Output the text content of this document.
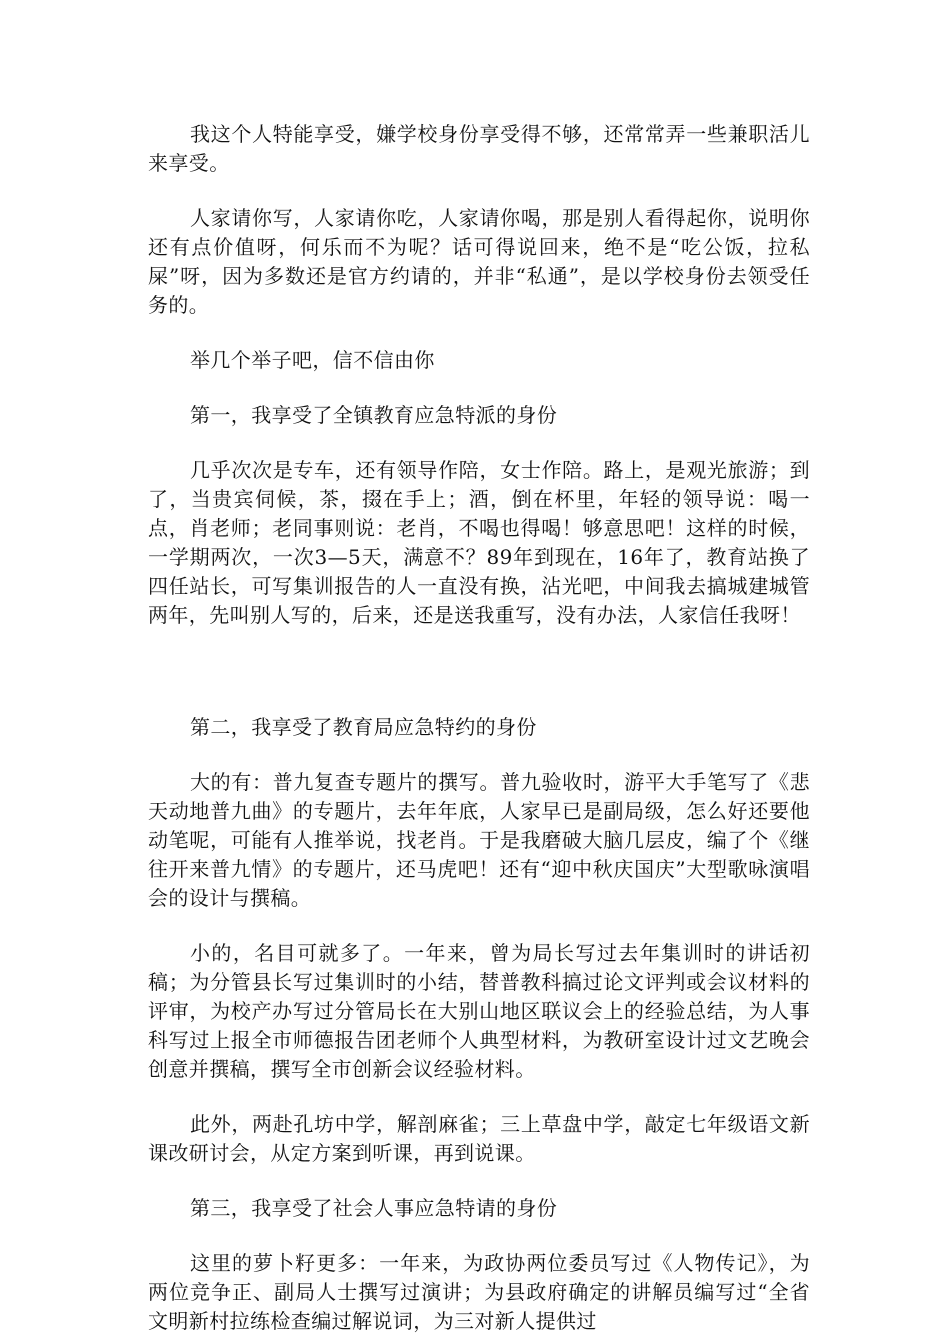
我这个人特能享受，嫌学校身份享受得不够，还常常弄一些兼职活儿来享受。

人家请你写，人家请你吃，人家请你喝，那是别人看得起你，说明你还有点价值呀，何乐而不为呢？话可得说回来，绝不是“吃公饭，拉私屎”呀，因为多数还是官方约请的，并非“私通”，是以学校身份去领受任务的。

举几个举子吧，信不信由你

第一，我享受了全镇教育应急特派的身份

几乎次次是专车，还有领导作陪，女士作陪。路上，是观光旅游；到了，当贵宾伺候，茶，掇在手上；酒，倒在杯里，年轻的领导说：喝一点，肖老师；老同事则说：老肖，不喝也得喝！够意思吧！这样的时候，一学期两次，一次3—5天，满意不？89年到现在，16年了，教育站换了四任站长，可写集训报告的人一直没有换，沾光吧，中间我去搞城建城管两年，先叫别人写的，后来，还是送我重写，没有办法，人家信任我呀！

第二，我享受了教育局应急特约的身份

大的有：普九复查专题片的撰写。普九验收时，游平大手笔写了《悲天动地普九曲》的专题片，去年年底，人家早已是副局级，怎么好还要他动笔呢，可能有人推举说，找老肖。于是我磨破大脑几层皮，编了个《继往开来普九情》的专题片，还马虎吧！还有“迎中秋庆国庆”大型歌咏演唱会的设计与撰稿。

小的，名目可就多了。一年来，曾为局长写过去年集训时的讲话初稿；为分管县长写过集训时的小结，替普教科搞过论文评判或会议材料的评审，为校产办写过分管局长在大别山地区联议会上的经验总结，为人事科写过上报全市师德报告团老师个人典型材料，为教研室设计过文艺晚会创意并撰稿，撰写全市创新会议经验材料。

此外，两赴孔坊中学，解剖麻雀；三上草盘中学，敲定七年级语文新课改研讨会，从定方案到听课，再到说课。

第三，我享受了社会人事应急特请的身份

这里的萝卜籽更多：一年来，为政协两位委员写过《人物传记》，为两位竞争正、副局人士撰写过演讲；为县政府确定的讲解员编写过“全省文明新村拉练检查编过解说词，为三对新人提供过
